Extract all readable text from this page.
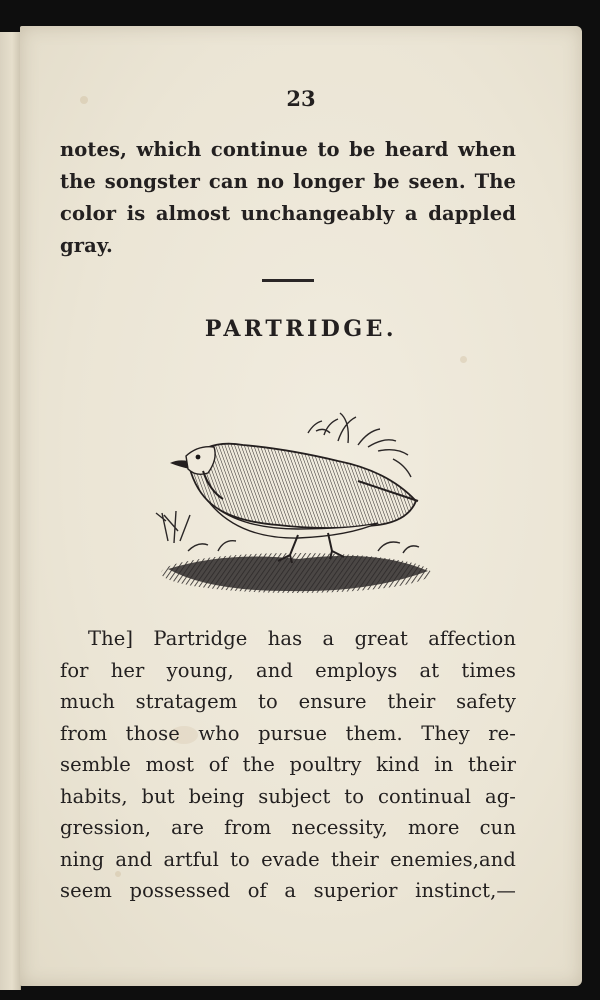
23
notes, which continue to be heard when
the songster can no longer be seen. The
color is almost unchangeably a dappled
gray.
PARTRIDGE.
The] Partridge has a great affection
for her young, and employs at times
much stratagem to ensure their safety
from those who pursue them. They re-
semble most of the poultry kind in their
habits, but being subject to continual ag-
gression, are from necessity, more cun
ning and artful to evade their enemies,and
seem possessed of a superior instinct,—
